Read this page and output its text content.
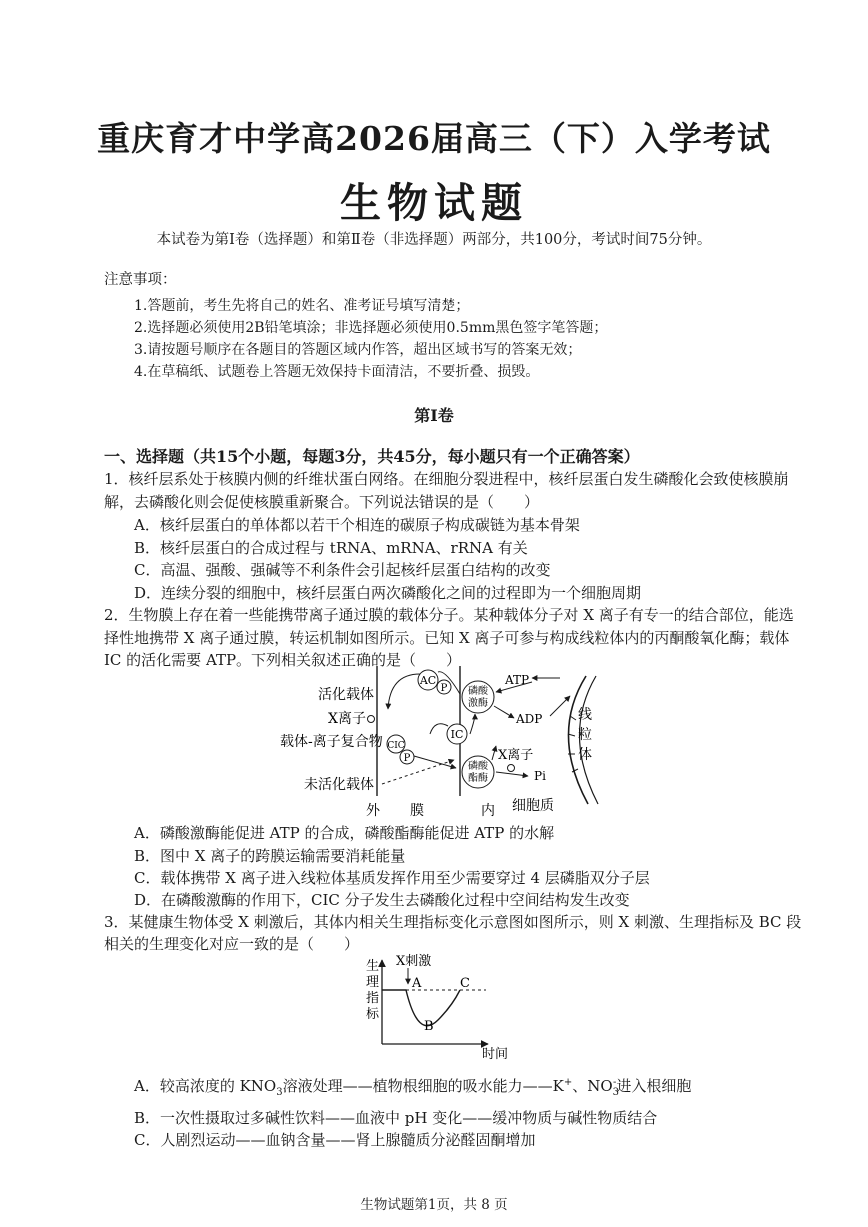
重庆育才中学高2026届高三（下）入学考试
生物试题
本试卷为第Ⅰ卷（选择题）和第Ⅱ卷（非选择题）两部分，共100分，考试时间75分钟。
注意事项：
1.答题前，考生先将自己的姓名、准考证号填写清楚；
2.选择题必须使用2B铅笔填涂；非选择题必须使用0.5mm黑色签字笔答题；
3.请按题号顺序在各题目的答题区域内作答，超出区域书写的答案无效；
4.在草稿纸、试题卷上答题无效保持卡面清洁，不要折叠、损毁。
第Ⅰ卷
一、选择题（共15个小题，每题3分，共45分，每小题只有一个正确答案）
1．核纤层系处于核膜内侧的纤维状蛋白网络。在细胞分裂进程中，核纤层蛋白发生磷酸化会致使核膜崩
解，去磷酸化则会促使核膜重新聚合。下列说法错误的是（　　）
A．核纤层蛋白的单体都以若干个相连的碳原子构成碳链为基本骨架
B．核纤层蛋白的合成过程与 tRNA、mRNA、rRNA 有关
C．高温、强酸、强碱等不利条件会引起核纤层蛋白结构的改变
D．连续分裂的细胞中，核纤层蛋白两次磷酸化之间的过程即为一个细胞周期
2．生物膜上存在着一些能携带离子通过膜的载体分子。某种载体分子对 X 离子有专一的结合部位，能选
择性地携带 X 离子通过膜，转运机制如图所示。已知 X 离子可参与构成线粒体内的丙酮酸氧化酶；载体
IC 的活化需要 ATP。下列相关叙述正确的是（　　）
活化载体
X离子
载体-离子复合物
未活化载体
AC
P 磷酸
激酶
ATP
ADP
IC
CIC
P
磷酸
酯酶
X离子
Pi
线
粒
体
外 膜	内 细胞质
A．磷酸激酶能促进 ATP 的合成，磷酸酯酶能促进 ATP 的水解
B．图中 X 离子的跨膜运输需要消耗能量
C．载体携带 X 离子进入线粒体基质发挥作用至少需要穿过 4 层磷脂双分子层
D．在磷酸激酶的作用下，CIC 分子发生去磷酸化过程中空间结构发生改变
3．某健康生物体受 X 刺激后，其体内相关生理指标变化示意图如图所示，则 X 刺激、生理指标及 BC 段
相关的生理变化对应一致的是（　　）
生
理
指
标
X刺激
A
B
C
时间
A．较高浓度的 $KNO_3$溶液处理——植物根细胞的吸水能力——K+、$NO_3^-$进入根细胞
B．一次性摄取过多碱性饮料——血液中 pH 变化——缓冲物质与碱性物质结合
C．人剧烈运动——血钠含量——肾上腺髓质分泌醛固酮增加
生物试题第1页，共 8 页
